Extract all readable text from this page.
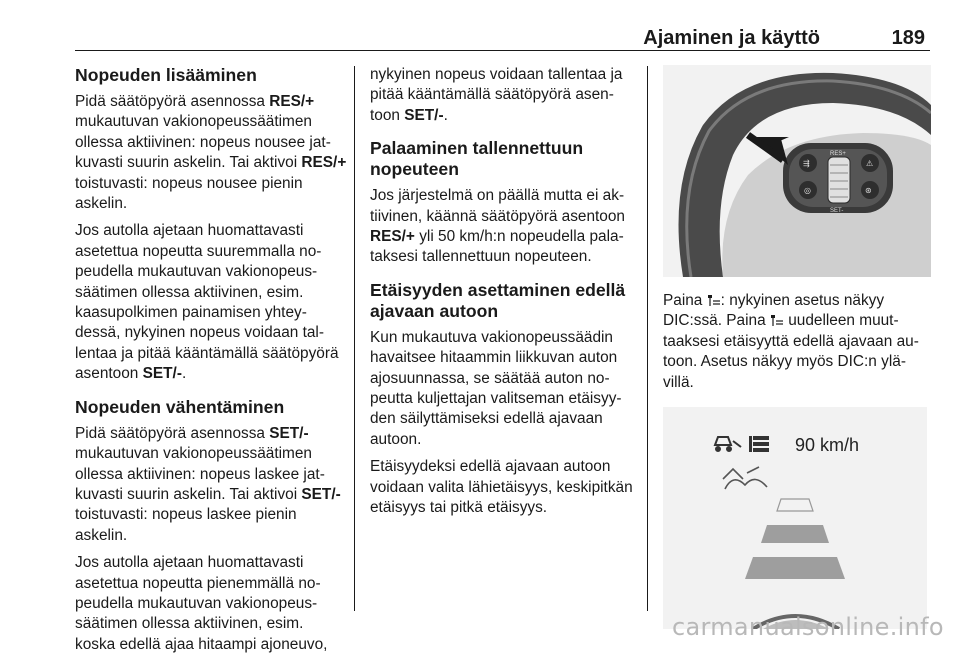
Ajaminen ja käyttö	189
Nopeuden lisääminen

Pidä säätöpyörä asennossa RES/+ mukautuvan vakionopeussäätimen ollessa aktiivinen: nopeus nousee jatkuvasti suurin askelin. Tai aktivoi RES/+ toistuvasti: nopeus nousee pienin askelin.

Jos autolla ajetaan huomattavasti asetettua nopeutta suuremmalla nopeudella mukautuvan vakionopeussäätimen ollessa aktiivinen, esim. kaasupolkimen painamisen yhteydessä, nykyinen nopeus voidaan tallentaa ja pitää kääntämällä säätöpyörä asentoon SET/-.

Nopeuden vähentäminen

Pidä säätöpyörä asennossa SET/- mukautuvan vakionopeussäätimen ollessa aktiivinen: nopeus laskee jatkuvasti suurin askelin. Tai aktivoi SET/- toistuvasti: nopeus laskee pienin askelin.

Jos autolla ajetaan huomattavasti asetettua nopeutta pienemmällä nopeudella mukautuvan vakionopeussäätimen ollessa aktiivinen, esim. koska edellä ajaa hitaampi ajoneuvo,

nykyinen nopeus voidaan tallentaa ja pitää kääntämällä säätöpyörä asentoon SET/-.

Palaaminen tallennettuun nopeuteen

Jos järjestelmä on päällä mutta ei aktiivinen, käännä säätöpyörä asentoon RES/+ yli 50 km/h:n nopeudella palataksesi tallennettuun nopeuteen.

Etäisyyden asettaminen edellä ajavaan autoon

Kun mukautuva vakionopeussäädin havaitsee hitaammin liikkuvan auton ajosuunnassa, se säätää auton nopeutta kuljettajan valitseman etäisyyden säilyttämiseksi edellä ajavaan autoon.

Etäisyydeksi edellä ajavaan autoon voidaan valita lähietäisyys, keskipitkän etäisyys tai pitkä etäisyys.

RES+
SET-
⇶
◎
⚠
⊛

Paina : nykyinen asetus näkyy DIC:ssä. Paina  uudelleen muuttaaksesi etäisyyttä edellä ajavaan autoon. Asetus näkyy myös DIC:n ylävillä.

90 km/h
carmanualsonline.info
